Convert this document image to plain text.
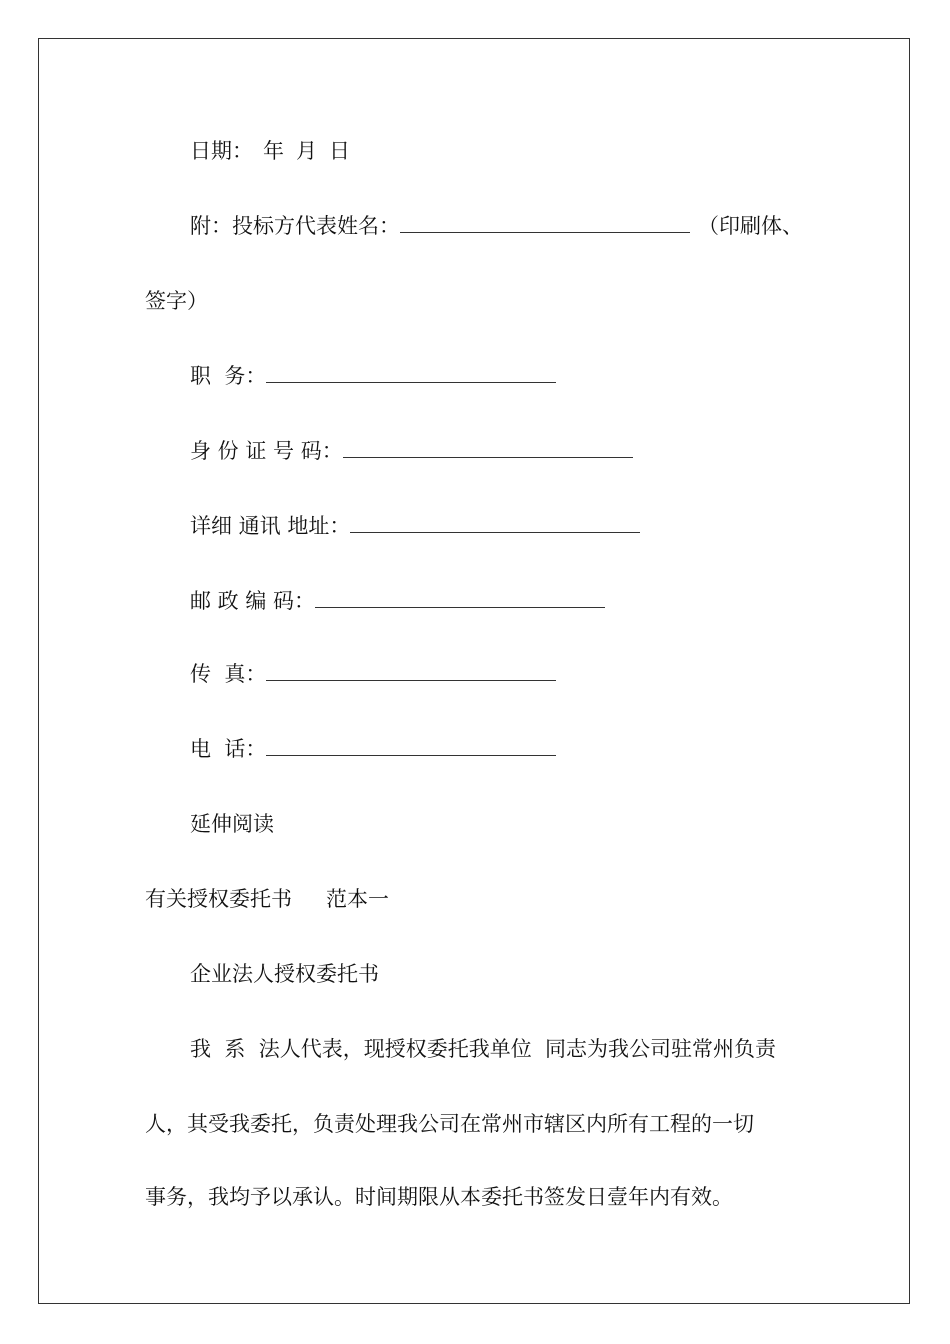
日期： 年 月 日
附：投标方代表姓名：	（印刷体、
签字）
职  务：
身 份 证 号 码：
详细 通讯 地址：
邮 政 编 码：
传  真：
电  话：
延伸阅读
有关授权委托书 范本一
企业法人授权委托书
我  系  法人代表，现授权委托我单位  同志为我公司驻常州负责
人，其受我委托，负责处理我公司在常州市辖区内所有工程的一切
事务，我均予以承认。时间期限从本委托书签发日壹年内有效。
